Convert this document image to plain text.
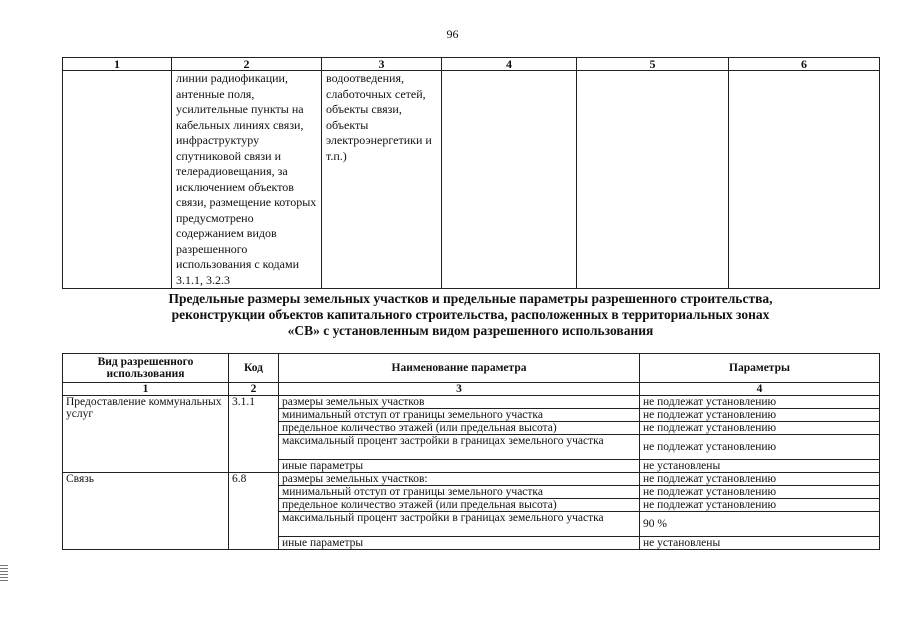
96
1	2	3	4	5	6
	линии радиофикации, антенные поля, усилительные пункты на кабельных линиях связи, инфраструктуру спутниковой связи и телерадиовещания, за исключением объектов связи, размещение которых предусмотрено содержанием видов разрешенного использования с кодами 3.1.1, 3.2.3	водоотведения, слаботочных сетей, объекты связи, объекты электроэнергетики и т.п.)			
Предельные размеры земельных участков и предельные параметры разрешенного строительства,
реконструкции объектов капитального строительства, расположенных в территориальных зонах
«СВ» с установленным видом разрешенного использования
Вид разрешенного использования	Код	Наименование параметра	Параметры
1	2	3	4
Предоставление коммунальных услуг	3.1.1	размеры земельных участков	не подлежат установлению
		минимальный отступ от границы земельного участка	не подлежат установлению
		предельное количество этажей (или предельная высота)	не подлежат установлению
		максимальный процент застройки в границах земельного участка	не подлежат установлению
		иные параметры	не установлены
Связь	6.8	размеры земельных участков:	не подлежат установлению
		минимальный отступ от границы земельного участка	не подлежат установлению
		предельное количество этажей (или предельная высота)	не подлежат установлению
		максимальный процент застройки в границах земельного участка	90 %
		иные параметры	не установлены
